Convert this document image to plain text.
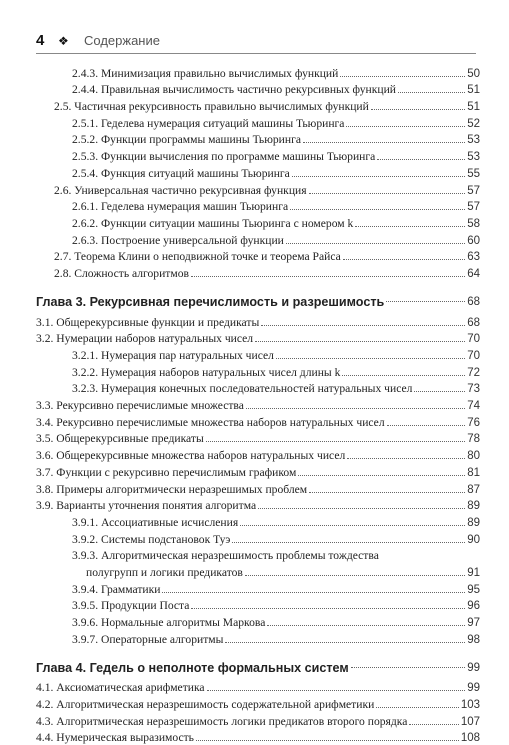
4 ❖ Содержание
2.4.3. Минимизация правильно вычислимых функций	50
2.4.4. Правильная вычислимость частично рекурсивных функций	51
2.5. Частичная рекурсивность правильно вычислимых функций	51
2.5.1. Геделева нумерация ситуаций машины Тьюринга	52
2.5.2. Функции программы машины Тьюринга	53
2.5.3. Функции вычисления по программе машины Тьюринга	53
2.5.4. Функция ситуаций машины Тьюринга	55
2.6. Универсальная частично рекурсивная функция	57
2.6.1. Геделева нумерация машин Тьюринга	57
2.6.2. Функции ситуации машины Тьюринга с номером k	58
2.6.3. Построение универсальной функции	60
2.7. Теорема Клини о неподвижной точке и теорема Райса	63
2.8. Сложность алгоритмов	64
Глава 3. Рекурсивная перечислимость и разрешимость	68
3.1. Общерекурсивные функции и предикаты	68
3.2. Нумерации наборов натуральных чисел	70
3.2.1. Нумерация пар натуральных чисел	70
3.2.2. Нумерация наборов натуральных чисел длины k	72
3.2.3. Нумерация конечных последовательностей натуральных чисел	73
3.3. Рекурсивно перечислимые множества	74
3.4. Рекурсивно перечислимые множества наборов натуральных чисел	76
3.5. Общерекурсивные предикаты	78
3.6. Общерекурсивные множества наборов натуральных чисел	80
3.7. Функции с рекурсивно перечислимым графиком	81
3.8. Примеры алгоритмически неразрешимых проблем	87
3.9. Варианты уточнения понятия алгоритма	89
3.9.1. Ассоциативные исчисления	89
3.9.2. Системы подстановок Туэ	90
3.9.3. Алгоритмическая неразрешимость проблемы тождества
полугрупп и логики предикатов	91
3.9.4. Грамматики	95
3.9.5. Продукции Поста	96
3.9.6. Нормальные алгоритмы Маркова	97
3.9.7. Операторные алгоритмы	98
Глава 4. Гедель о неполноте формальных систем	99
4.1. Аксиоматическая арифметика	99
4.2. Алгоритмическая неразрешимость содержательной арифметики	103
4.3. Алгоритмическая неразрешимость логики предикатов второго порядка	107
4.4. Нумерическая выразимость	108
